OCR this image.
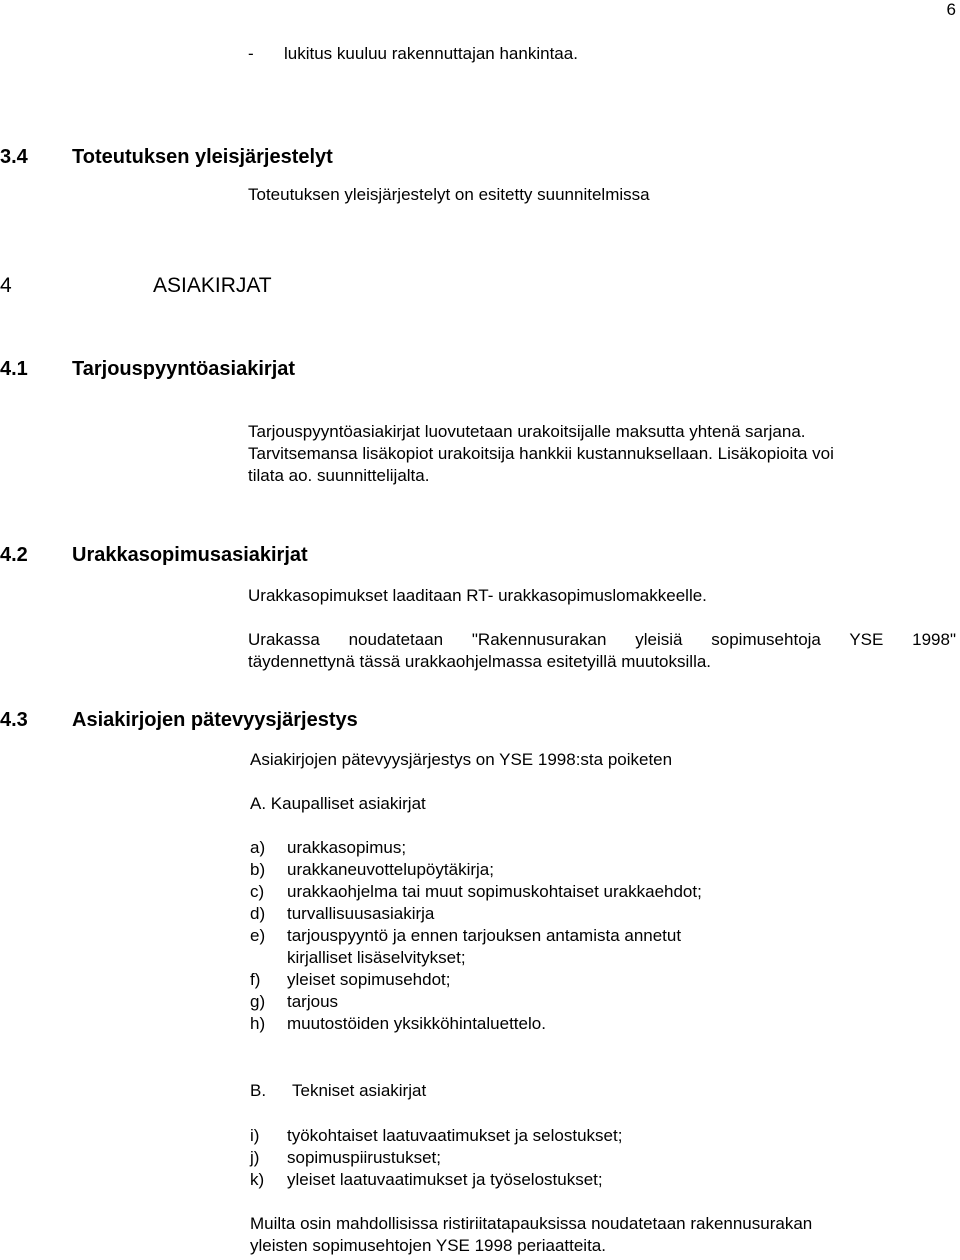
6
- lukitus kuuluu rakennuttajan hankintaa.
3.4 Toteutuksen yleisjärjestelyt
Toteutuksen yleisjärjestelyt on esitetty suunnitelmissa
4	ASIAKIRJAT
4.1 Tarjouspyyntöasiakirjat
Tarjouspyyntöasiakirjat luovutetaan urakoitsijalle maksutta yhtenä sarjana.
Tarvitsemansa lisäkopiot urakoitsija hankkii kustannuksellaan. Lisäkopioita voi
tilata ao. suunnittelijalta.
4.2 Urakkasopimusasiakirjat
Urakkasopimukset laaditaan RT- urakkasopimuslomakkeelle.
Urakassa noudatetaan "Rakennusurakan yleisiä sopimusehtoja YSE 1998"
täydennettynä tässä urakkaohjelmassa esitetyillä muutoksilla.
4.3 Asiakirjojen pätevyysjärjestys
Asiakirjojen pätevyysjärjestys on YSE 1998:sta poiketen
A. Kaupalliset asiakirjat
a) urakkasopimus;
b) urakkaneuvottelupöytäkirja;
c) urakkaohjelma tai muut sopimuskohtaiset urakkaehdot;
d) turvallisuusasiakirja
e) tarjouspyyntö ja ennen tarjouksen antamista annetut
kirjalliset lisäselvitykset;
f) yleiset sopimusehdot;
g) tarjous
h) muutostöiden yksikköhintaluettelo.
B. Tekniset asiakirjat
i) työkohtaiset laatuvaatimukset ja selostukset;
j) sopimuspiirustukset;
k) yleiset laatuvaatimukset ja työselostukset;
Muilta osin mahdollisissa ristiriitatapauksissa noudatetaan rakennusurakan
yleisten sopimusehtojen YSE 1998 periaatteita.
